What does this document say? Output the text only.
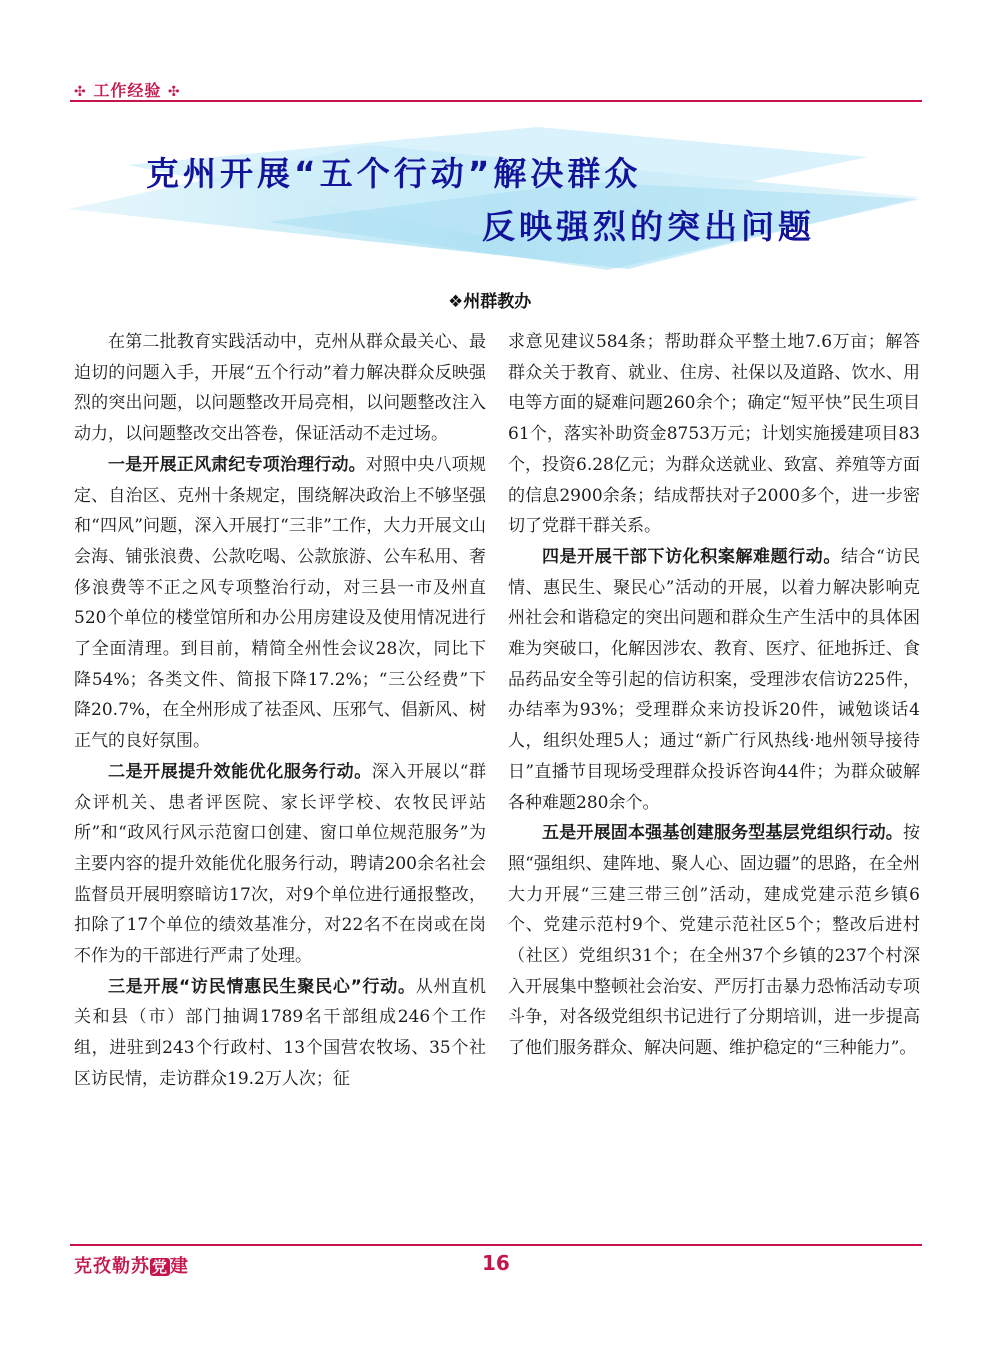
✣ 工作经验 ✣
克州开展“五个行动”解决群众
反映强烈的突出问题
❖州群教办

在第二批教育实践活动中，克州从群众最关心、最迫切的问题入手，开展“五个行动”着力解决群众反映强烈的突出问题，以问题整改开局亮相，以问题整改注入动力，以问题整改交出答卷，保证活动不走过场。

一是开展正风肃纪专项治理行动。对照中央八项规定、自治区、克州十条规定，围绕解决政治上不够坚强和“四风”问题，深入开展打“三非”工作，大力开展文山会海、铺张浪费、公款吃喝、公款旅游、公车私用、奢侈浪费等不正之风专项整治行动，对三县一市及州直520个单位的楼堂馆所和办公用房建设及使用情况进行了全面清理。到目前，精简全州性会议28次，同比下降54%；各类文件、简报下降17.2%；“三公经费”下降20.7%，在全州形成了祛歪风、压邪气、倡新风、树正气的良好氛围。

二是开展提升效能优化服务行动。深入开展以“群众评机关、患者评医院、家长评学校、农牧民评站所”和“政风行风示范窗口创建、窗口单位规范服务”为主要内容的提升效能优化服务行动，聘请200余名社会监督员开展明察暗访17次，对9个单位进行通报整改，扣除了17个单位的绩效基准分，对22名不在岗或在岗不作为的干部进行严肃了处理。

三是开展“访民情惠民生聚民心”行动。从州直机关和县（市）部门抽调1789名干部组成246个工作组，进驻到243个行政村、13个国营农牧场、35个社区访民情，走访群众19.2万人次；征

求意见建议584条；帮助群众平整土地7.6万亩；解答群众关于教育、就业、住房、社保以及道路、饮水、用电等方面的疑难问题260余个；确定“短平快”民生项目61个，落实补助资金8753万元；计划实施援建项目83个，投资6.28亿元；为群众送就业、致富、养殖等方面的信息2900余条；结成帮扶对子2000多个，进一步密切了党群干群关系。

四是开展干部下访化积案解难题行动。结合“访民情、惠民生、聚民心”活动的开展，以着力解决影响克州社会和谐稳定的突出问题和群众生产生活中的具体困难为突破口，化解因涉农、教育、医疗、征地拆迁、食品药品安全等引起的信访积案，受理涉农信访225件，办结率为93%；受理群众来访投诉20件，诫勉谈话4人，组织处理5人；通过“新广行风热线·地州领导接待日”直播节目现场受理群众投诉咨询44件；为群众破解各种难题280余个。

五是开展固本强基创建服务型基层党组织行动。按照“强组织、建阵地、聚人心、固边疆”的思路，在全州大力开展“三建三带三创”活动，建成党建示范乡镇6个、党建示范村9个、党建示范社区5个；整改后进村（社区）党组织31个；在全州37个乡镇的237个村深入开展集中整顿社会治安、严厉打击暴力恐怖活动专项斗争，对各级党组织书记进行了分期培训，进一步提高了他们服务群众、解决问题、维护稳定的“三种能力”。

克孜勒苏 党 建	16
